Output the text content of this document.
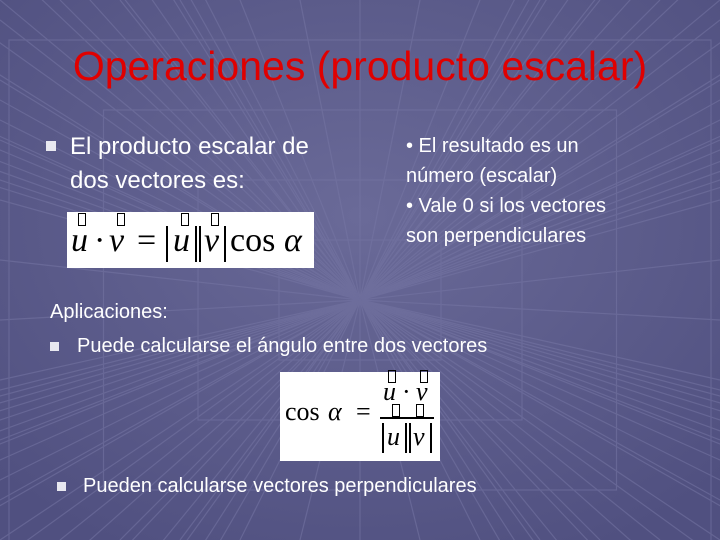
Operaciones (producto escalar)
El producto escalar de
dos vectores es:
• El resultado es un
número (escalar)
• Vale 0 si los vectores
son perpendiculares
u · v = u v cos α
Aplicaciones:
Puede calcularse el ángulo entre dos vectores
cos α =
u · v
u v
Pueden calcularse vectores perpendiculares
